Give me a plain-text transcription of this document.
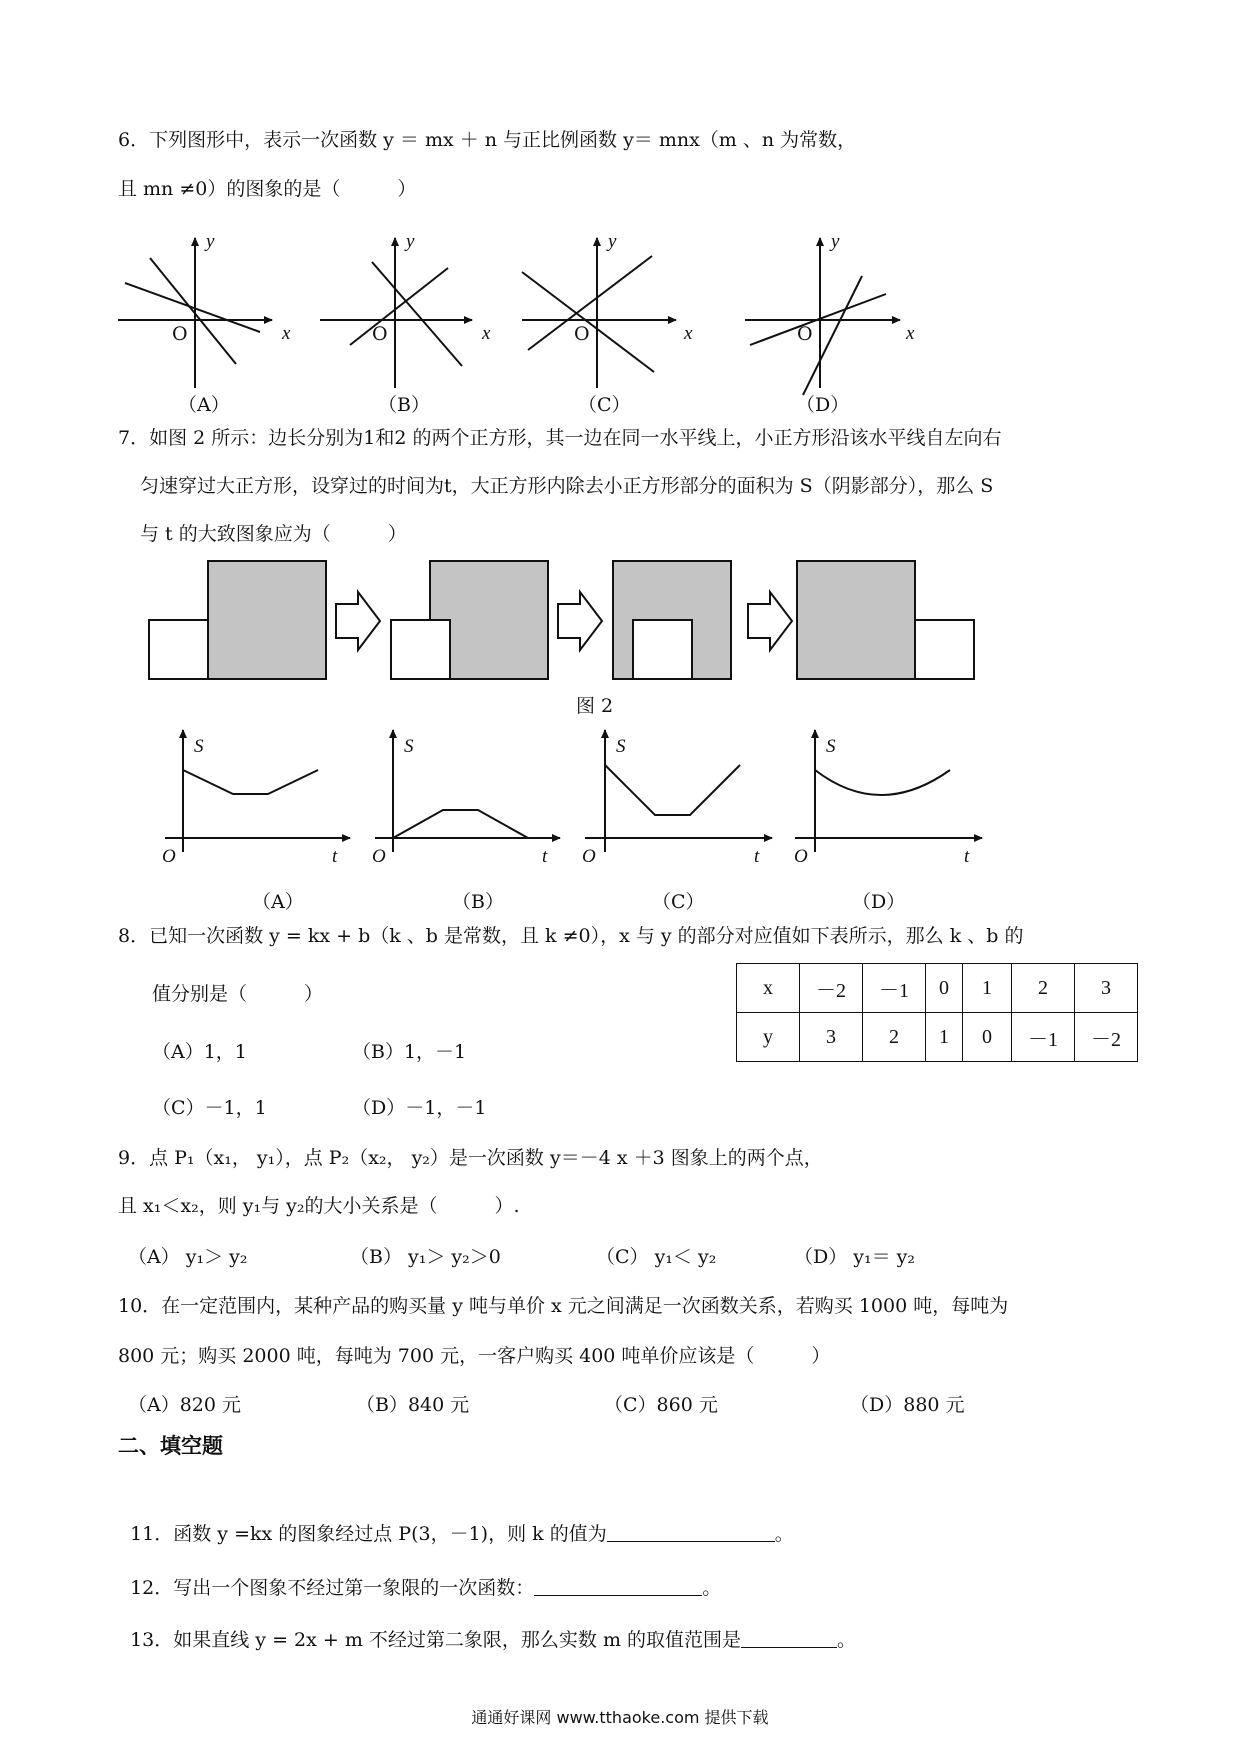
6．下列图形中，表示一次函数 y ＝ mx ＋ n 与正比例函数 y＝ mnx（m 、n 为常数，
且 mn ≠0）的图象的是（　　　）
y
x
O
y
x
O
y
x
O
y
x
O
（A）	（B）	（C）	（D）
7．如图 2 所示：边长分别为1和2 的两个正方形，其一边在同一水平线上，小正方形沿该水平线自左向右
匀速穿过大正方形，设穿过的时间为t，大正方形内除去小正方形部分的面积为 S（阴影部分），那么 S
与 t 的大致图象应为（　　　）
图 2
S
t
O
S
t
O
S
t
O
S
t
O
（A）	（B）	（C）	（D）
8．已知一次函数 y = kx + b（k 、b 是常数，且 k ≠0），x 与 y 的部分对应值如下表所示，那么 k 、b 的
值分别是（　　　）
（A）1，1	（B）1，－1
（C）－1，1	（D）－1，－1
x	－2	－1	0	1	2	3
y	3	2	1	0	－1	－2
9．点 P₁（x₁， y₁），点 P₂（x₂， y₂）是一次函数 y＝－4 x ＋3 图象上的两个点，
且 x₁＜x₂，则 y₁与 y₂的大小关系是（　　　）.
（A） y₁＞ y₂	（B） y₁＞ y₂＞0	（C） y₁＜ y₂	（D） y₁＝ y₂
10．在一定范围内，某种产品的购买量 y 吨与单价 x 元之间满足一次函数关系，若购买 1000 吨，每吨为
800 元；购买 2000 吨，每吨为 700 元，一客户购买 400 吨单价应该是（　　　）
（A）820 元	（B）840 元	（C）860 元	（D）880 元
二、填空题

11．函数 y =kx 的图象经过点 P(3，－1)，则 k 的值为	。

12．写出一个图象不经过第一象限的一次函数：	。

13．如果直线 y = 2x + m 不经过第二象限，那么实数 m 的取值范围是	。

通通好课网 www.tthaoke.com 提供下载
